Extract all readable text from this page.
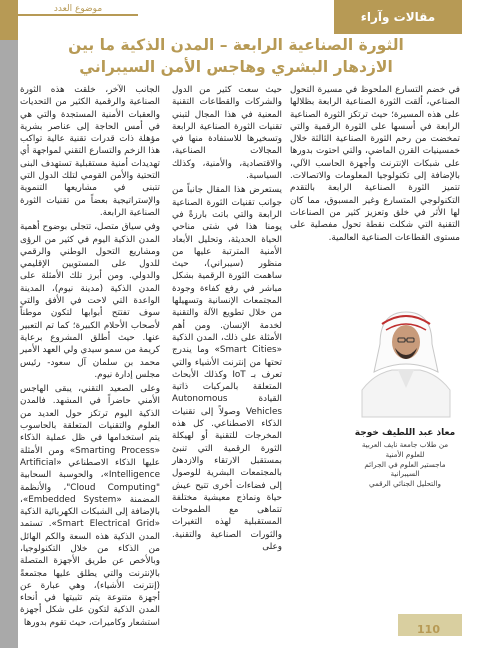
مقالات وآراء
موضوع العدد
الثورة الصناعية الرابعة – المدن الذكية ما بين
الازدهار البشري وهاجس الأمن السيبراني

في خضم التسارع الملحوظ في مسيرة التحول الصناعي، ألقت الثورة الصناعية الرابعة بظلالها على هذه المسيرة؛ حيث ترتكز الثورة الصناعية الرابعة في أسسها على الثورة الرقمية والتي تمخضت من رحم الثورة الصناعية الثالثة خلال خمسينيات القرن الماضي، والتي احتوت بدورها على شبكات الإنترنت وأجهزة الحاسب الآلي، بالإضافة إلى تكنولوجيا المعلومات والاتصالات. تتميز الثورة الصناعية الرابعة بالتقدم التكنولوجي المتسارع وغير المسبوق، مما كان لها الأثر في خلق وتعزيز كثير من الصناعات التقنية التي شكلت نقطة تحول مفصلية على مستوى القطاعات الصناعية العالمية.

معاذ عبد اللطيف خوجة
من طلاب جامعة نايف العربية
للعلوم الأمنية
ماجستير العلوم في الجرائم السيبرانية
والتحليل الجنائي الرقمي

حيث سعت كثير من الدول والشركات والقطاعات التقنية المعنية في هذا المجال لتبني تقنيات الثورة الصناعية الرابعة وتسخيرها للاستفادة منها في المجالات الصناعية، والاقتصادية، والأمنية، وكذلك السياسية.

يستعرض هذا المقال جانباً من جوانب تقنيات الثورة الصناعية الرابعة والتي باتت بارزةً في يومنا هذا في شتى مناحي الحياة الحديثة، وتحليل الأبعاد الأمنية المترتبة عليها من منظور (سيبراني)، حيث ساهمت الثورة الرقمية بشكل مباشر في رفع كفاءة وجودة المجتمعات الإنسانية وتسهيلها من خلال تطويع الآلة والتقنية لخدمة الإنسان. ومن أهم الأمثلة على ذلك، المدن الذكية «Smart Cities» وما يندرج تحتها من إنترنت الأشياء والتي تعرف بـ IoT وكذلك الأبحاث المتعلقة بالمركبات ذاتية القيادة Autonomous Vehicles وصولاً إلى تقنيات الذكاء الاصطناعي. كل هذه المخرجات للتقنية أو لهيكلة الثورة الرقمية التي تنبئ بمستقبل الارتقاء والازدهار بالمجتمعات البشرية للوصول إلى فضاءات أخرى تتيح عيش حياة ونماذج معيشية مختلفة تتماهى مع الطموحات المستقبلية لهذه التغيرات والثورات الصناعية والتقنية. وعلى

الجانب الآخر، خلقت هذه الثورة الصناعية والرقمية الكثير من التحديات والعقبات الأمنية المستجدة والتي هي في أمس الحاجة إلى عناصر بشرية مؤهلة ذات قدرات تقنية عالية تواكب هذا الزخم والتسارع التقني لمواجهة أي تهديدات أمنية مستقبلية تستهدف البنى التحتية والأمن القومي لتلك الدول التي تتبنى في مشاريعها التنموية والإستراتيجية بعضاً من تقنيات الثورة الصناعية الرابعة.

وفي سياق متصل، تتجلى بوضوح أهمية المدن الذكية اليوم في كثير من الرؤى ومشاريع التحول الوطني والرقمي للدول على المستويين الإقليمي والدولي. ومن أبرز تلك الأمثلة على المدن الذكية (مدينة نيوم)، المدينة الواعدة التي لاحت في الأفق والتي سوف تفتتح أبوابها لتكون موطناً لأصحاب الأحلام الكبيرة؛ كما تم التعبير عنها. حيث أطلق المشروع برعاية كريمة من سمو سيدي ولي العهد الأمير محمد بن سلمان آل سعود- رئيس مجلس إدارة نيوم.

وعلى الصعيد التقني، يبقى الهاجس الأمني حاضراً في المشهد. فالمدن الذكية اليوم ترتكز حول العديد من العلوم والتقنيات المتعلقة بالحاسوب يتم استخدامها في ظل عملية الذكاء «Smarting Process» ومن الأمثلة عليها الذكاء الاصطناعي «Artificial Intelligence»، والحوسبة السحابية "Cloud Computing"، والأنظمة المضمنة «Embedded System»، بالإضافة إلى الشبكات الكهربائية الذكية «Smart Electrical Grid». تستمد المدن الذكية هذه السعة والكم الهائل من الذكاء من خلال التكنولوجيا، وبالأخص عن طريق الأجهزة المتصلة بالإنترنت والتي يطلق عليها مجتمعةً (إنترنت الأشياء)، وهي عبارة عن أجهزة متنوعة يتم تثبيتها في أنحاء المدن الذكية لتكون على شكل أجهزة استشعار وكاميرات، حيث تقوم بدورها

110
